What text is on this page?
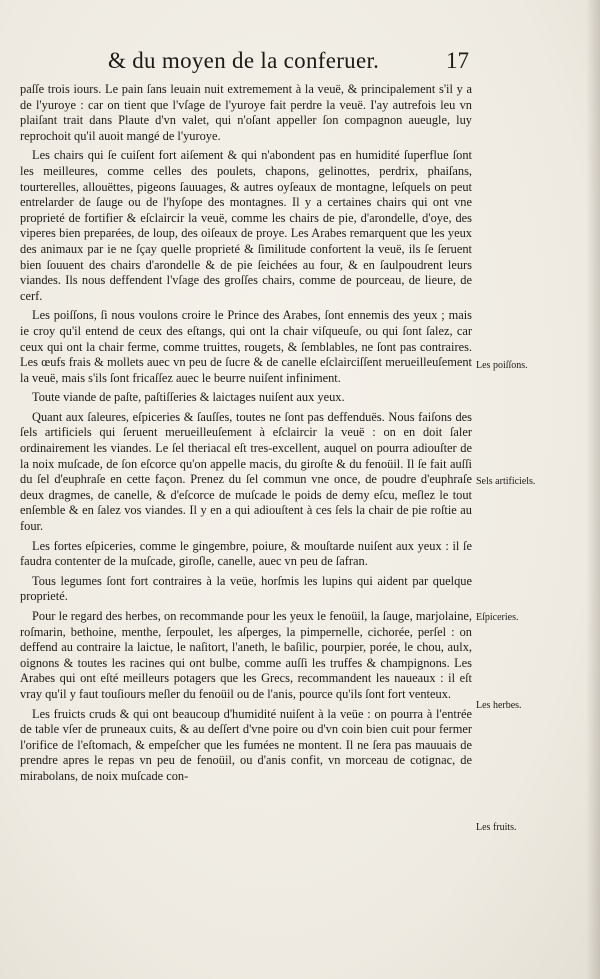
& du moyen de la conferuer.	17

paſſe trois iours. Le pain ſans leuain nuit extremement à la veuë, & principalement s'il y a de l'yuroye : car on tient que l'vſage de l'yuroye fait perdre la veuë. I'ay autrefois leu vn plaiſant trait dans Plaute d'vn valet, qui n'oſant appeller ſon compagnon aueugle, luy reprochoit qu'il auoit mangé de l'yuroye.

Les chairs qui ſe cuiſent fort aiſement & qui n'abondent pas en humidité ſuperflue ſont les meilleures, comme celles des poulets, chapons, gelinottes, perdrix, phaiſans, tourterelles, allouëttes, pigeons ſauuages, & autres oyſeaux de montagne, leſquels on peut entrelarder de ſauge ou de l'hyſope des montagnes. Il y a certaines chairs qui ont vne proprieté de fortifier & eſclaircir la veuë, comme les chairs de pie, d'arondelle, d'oye, des viperes bien preparées, de loup, des oiſeaux de proye. Les Arabes remarquent que les yeux des animaux par ie ne ſçay quelle proprieté & ſimilitude confortent la veuë, ils ſe ſeruent bien ſouuent des chairs d'arondelle & de pie ſeichées au four, & en ſaulpoudrent leurs viandes. Ils nous deffendent l'vſage des groſſes chairs, comme de pourceau, de lieure, de cerf.

Les poiſſons, ſi nous voulons croire le Prince des Arabes, ſont ennemis des yeux ; mais ie croy qu'il entend de ceux des eſtangs, qui ont la chair viſqueuſe, ou qui ſont ſalez, car ceux qui ont la chair ferme, comme truittes, rougets, & ſemblables, ne ſont pas contraires. Les œufs frais & mollets auec vn peu de ſucre & de canelle eſclairciſſent merueilleuſement la veuë, mais s'ils ſont fricaſſez auec le beurre nuiſent infiniment.

Toute viande de paſte, paſtiſſeries & laictages nuiſent aux yeux.

Quant aux ſaleures, eſpiceries & ſauſſes, toutes ne ſont pas deffenduës. Nous faiſons des ſels artificiels qui ſeruent merueilleuſement à eſclaircir la veuë : on en doit ſaler ordinairement les viandes. Le ſel theriacal eſt tres-excellent, auquel on pourra adiouſter de la noix muſcade, de ſon eſcorce qu'on appelle macis, du giroſte & du fenoüil. Il ſe fait auſſi du ſel d'euphraſe en cette façon. Prenez du ſel commun vne once, de poudre d'euphraſe deux dragmes, de canelle, & d'eſcorce de muſcade le poids de demy eſcu, meſlez le tout enſemble & en ſalez vos viandes. Il y en a qui adiouſtent à ces ſels la chair de pie roſtie au four.

Les fortes eſpiceries, comme le gingembre, poiure, & mouſtarde nuiſent aux yeux : il ſe faudra contenter de la muſcade, giroſle, canelle, auec vn peu de ſafran.

Tous legumes ſont fort contraires à la veüe, horſmis les lupins qui aident par quelque proprieté.

Pour le regard des herbes, on recommande pour les yeux le fenoüil, la ſauge, marjolaine, roſmarin, bethoine, menthe, ſerpoulet, les aſperges, la pimpernelle, cichorée, perſel : on deffend au contraire la laictue, le naſitort, l'aneth, le baſilic, pourpier, porée, le chou, aulx, oignons & toutes les racines qui ont bulbe, comme auſſi les truffes & champignons. Les Arabes qui ont eſté meilleurs potagers que les Grecs, recommandent les naueaux : il eſt vray qu'il y faut touſiours meſler du fenoüil ou de l'anis, pource qu'ils ſont fort venteux.

Les fruicts cruds & qui ont beaucoup d'humidité nuiſent à la veüe : on pourra à l'entrée de table vſer de pruneaux cuits, & au deſſert d'vne poire ou d'vn coin bien cuit pour fermer l'orifice de l'eſtomach, & empeſcher que les fumées ne montent. Il ne ſera pas mauuais de prendre apres le repas vn peu de fenoüil, ou d'anis confit, vn morceau de cotignac, de mirabolans, de noix muſcade con-

Les poiſſons.
Sels artificiels.
Eſpiceries.
Les herbes.
Les fruits.
